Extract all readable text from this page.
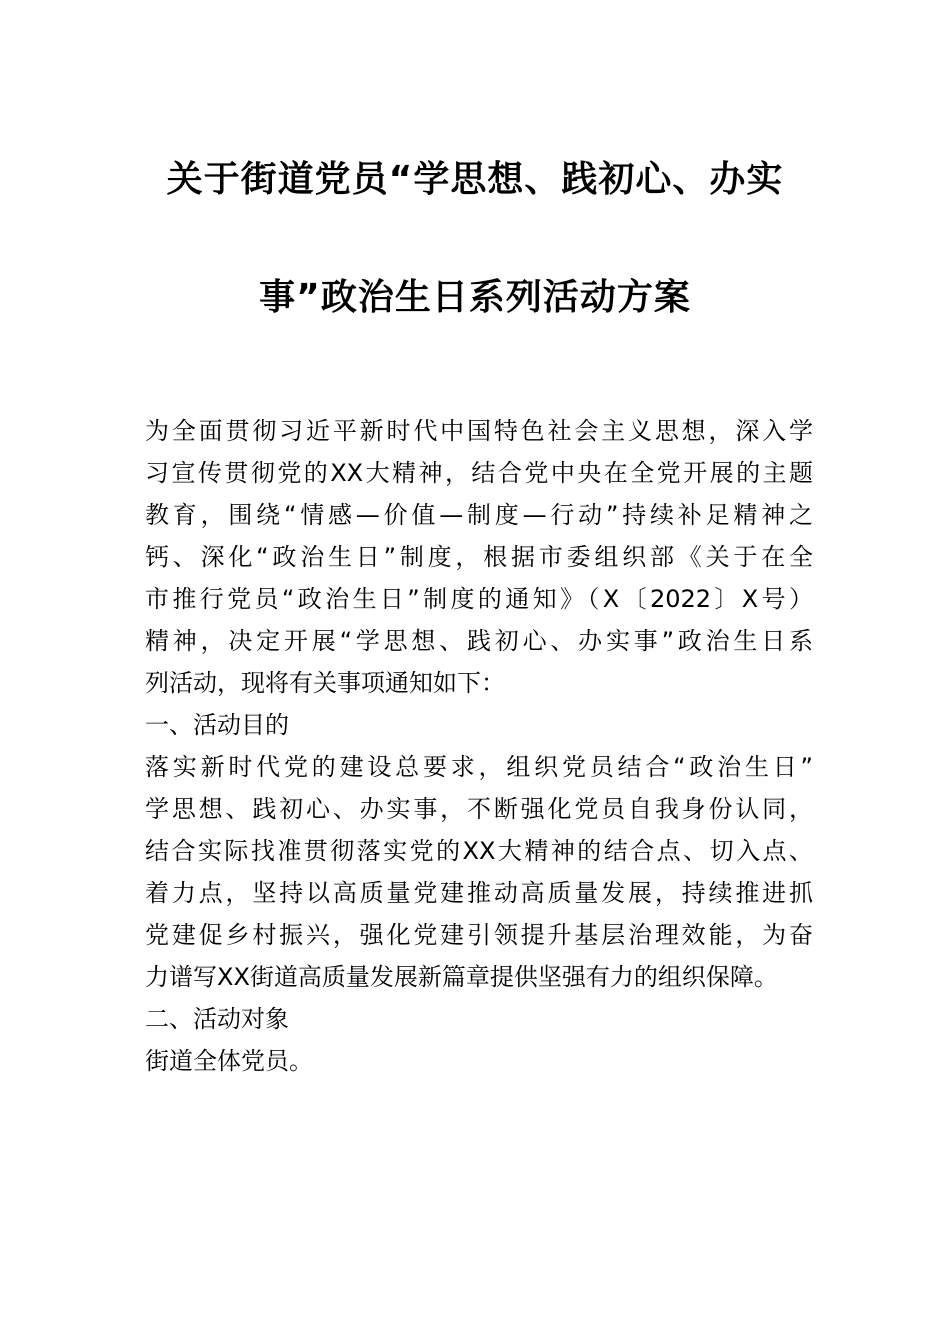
关于街道党员“学思想、践初心、办实
事”政治生日系列活动方案
为全面贯彻习近平新时代中国特色社会主义思想，深入学
习宣传贯彻党的XX大精神，结合党中央在全党开展的主题
教育，围绕“情感—价值—制度—行动”持续补足精神之
钙、深化“政治生日”制度，根据市委组织部《关于在全
市推行党员“政治生日”制度的通知》（X〔2022〕X号）
精神，决定开展“学思想、践初心、办实事”政治生日系
列活动，现将有关事项通知如下：
一、活动目的
落实新时代党的建设总要求，组织党员结合“政治生日”
学思想、践初心、办实事，不断强化党员自我身份认同，
结合实际找准贯彻落实党的XX大精神的结合点、切入点、
着力点，坚持以高质量党建推动高质量发展，持续推进抓
党建促乡村振兴，强化党建引领提升基层治理效能，为奋
力谱写XX街道高质量发展新篇章提供坚强有力的组织保障。
二、活动对象
街道全体党员。
